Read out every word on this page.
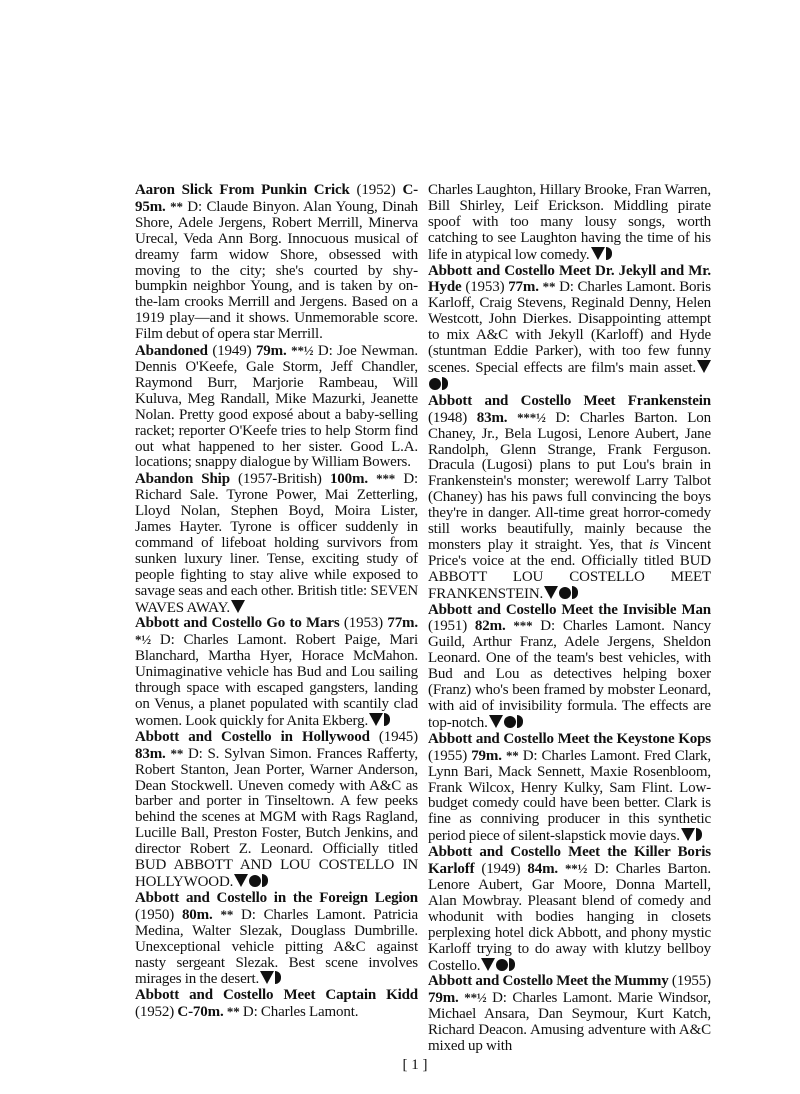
Aaron Slick From Punkin Crick (1952) C-95m. ** D: Claude Binyon. Alan Young, Dinah Shore, Adele Jergens, Robert Merrill, Minerva Urecal, Veda Ann Borg. Innocuous musical of dreamy farm widow Shore, obsessed with moving to the city; she's courted by shy-bumpkin neighbor Young, and is taken by on-the-lam crooks Merrill and Jergens. Based on a 1919 play—and it shows. Unmemorable score. Film debut of opera star Merrill.

Abandoned (1949) 79m. **½ D: Joe Newman. Dennis O'Keefe, Gale Storm, Jeff Chandler, Raymond Burr, Marjorie Rambeau, Will Kuluva, Meg Randall, Mike Mazurki, Jeanette Nolan. Pretty good exposé about a baby-selling racket; reporter O'Keefe tries to help Storm find out what happened to her sister. Good L.A. locations; snappy dialogue by William Bowers.

Abandon Ship (1957-British) 100m. *** D: Richard Sale. Tyrone Power, Mai Zetterling, Lloyd Nolan, Stephen Boyd, Moira Lister, James Hayter. Tyrone is officer suddenly in command of lifeboat holding survivors from sunken luxury liner. Tense, exciting study of people fighting to stay alive while exposed to savage seas and each other. British title: SEVEN WAVES AWAY.

Abbott and Costello Go to Mars (1953) 77m. *½ D: Charles Lamont. Robert Paige, Mari Blanchard, Martha Hyer, Horace McMahon. Unimaginative vehicle has Bud and Lou sailing through space with escaped gangsters, landing on Venus, a planet populated with scantily clad women. Look quickly for Anita Ekberg.

Abbott and Costello in Hollywood (1945) 83m. ** D: S. Sylvan Simon. Frances Rafferty, Robert Stanton, Jean Porter, Warner Anderson, Dean Stockwell. Uneven comedy with A&C as barber and porter in Tinseltown. A few peeks behind the scenes at MGM with Rags Ragland, Lucille Ball, Preston Foster, Butch Jenkins, and director Robert Z. Leonard. Officially titled BUD ABBOTT AND LOU COSTELLO IN HOLLYWOOD.

Abbott and Costello in the Foreign Legion (1950) 80m. ** D: Charles Lamont. Patricia Medina, Walter Slezak, Douglass Dumbrille. Unexceptional vehicle pitting A&C against nasty sergeant Slezak. Best scene involves mirages in the desert.

Abbott and Costello Meet Captain Kidd (1952) C-70m. ** D: Charles Lamont.

Charles Laughton, Hillary Brooke, Fran Warren, Bill Shirley, Leif Erickson. Middling pirate spoof with too many lousy songs, worth catching to see Laughton having the time of his life in atypical low comedy.

Abbott and Costello Meet Dr. Jekyll and Mr. Hyde (1953) 77m. ** D: Charles Lamont. Boris Karloff, Craig Stevens, Reginald Denny, Helen Westcott, John Dierkes. Disappointing attempt to mix A&C with Jekyll (Karloff) and Hyde (stuntman Eddie Parker), with too few funny scenes. Special effects are film's main asset.

Abbott and Costello Meet Frankenstein (1948) 83m. ***½ D: Charles Barton. Lon Chaney, Jr., Bela Lugosi, Lenore Aubert, Jane Randolph, Glenn Strange, Frank Ferguson. Dracula (Lugosi) plans to put Lou's brain in Frankenstein's monster; werewolf Larry Talbot (Chaney) has his paws full convincing the boys they're in danger. All-time great horror-comedy still works beautifully, mainly because the monsters play it straight. Yes, that is Vincent Price's voice at the end. Officially titled BUD ABBOTT LOU COSTELLO MEET FRANKENSTEIN.

Abbott and Costello Meet the Invisible Man (1951) 82m. *** D: Charles Lamont. Nancy Guild, Arthur Franz, Adele Jergens, Sheldon Leonard. One of the team's best vehicles, with Bud and Lou as detectives helping boxer (Franz) who's been framed by mobster Leonard, with aid of invisibility formula. The effects are top-notch.

Abbott and Costello Meet the Keystone Kops (1955) 79m. ** D: Charles Lamont. Fred Clark, Lynn Bari, Mack Sennett, Maxie Rosenbloom, Frank Wilcox, Henry Kulky, Sam Flint. Low-budget comedy could have been better. Clark is fine as conniving producer in this synthetic period piece of silent-slapstick movie days.

Abbott and Costello Meet the Killer Boris Karloff (1949) 84m. **½ D: Charles Barton. Lenore Aubert, Gar Moore, Donna Martell, Alan Mowbray. Pleasant blend of comedy and whodunit with bodies hanging in closets perplexing hotel dick Abbott, and phony mystic Karloff trying to do away with klutzy bellboy Costello.

Abbott and Costello Meet the Mummy (1955) 79m. **½ D: Charles Lamont. Marie Windsor, Michael Ansara, Dan Seymour, Kurt Katch, Richard Deacon. Amusing adventure with A&C mixed up with

[ 1 ]
